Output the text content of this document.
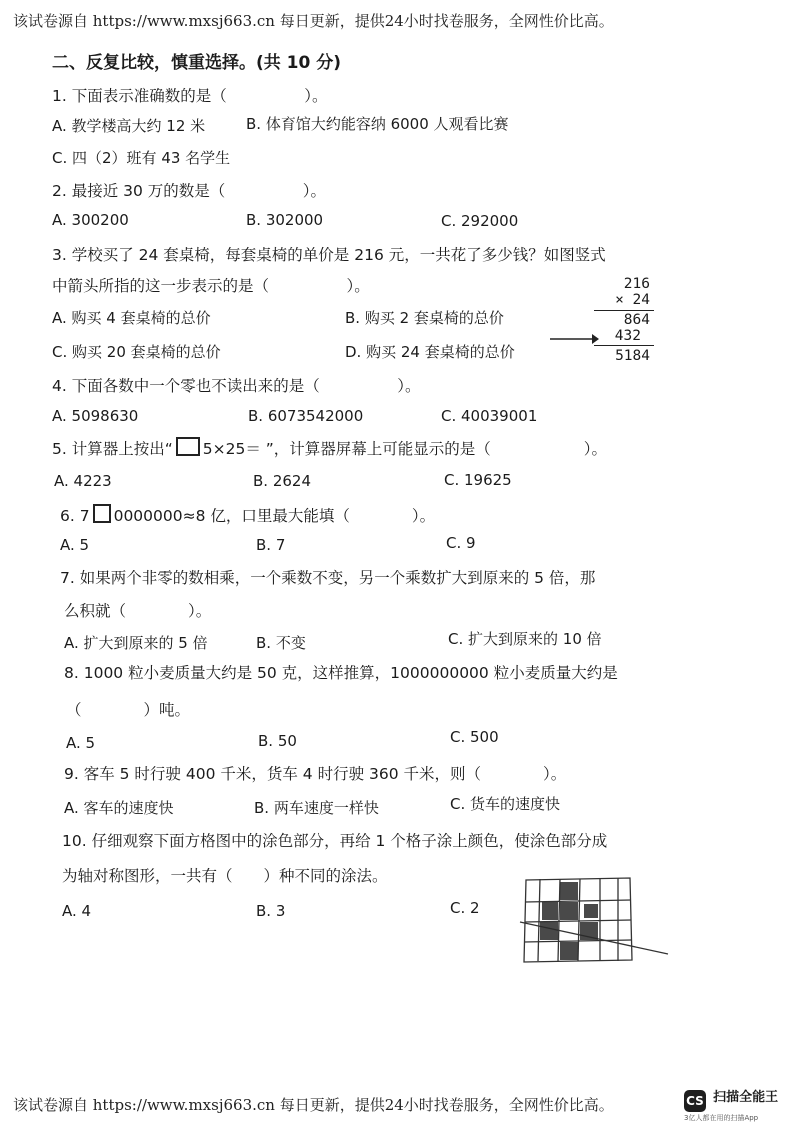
该试卷源自 https://www.mxsj663.cn 每日更新，提供24小时找卷服务，全网性价比高。
二、反复比较，慎重选择。(共 10 分)
1. 下面表示准确数的是（　　　　　）。
A. 教学楼高大约 12 米	B. 体育馆大约能容纳 6000 人观看比赛
C. 四（2）班有 43 名学生
2. 最接近 30 万的数是（　　　　　）。
A. 300200	B. 302000	C. 292000
3. 学校买了 24 套桌椅，每套桌椅的单价是 216 元，一共花了多少钱？如图竖式
中箭头所指的这一步表示的是（　　　　　）。
A. 购买 4 套桌椅的总价	B. 购买 2 套桌椅的总价
C. 购买 20 套桌椅的总价	D. 购买 24 套桌椅的总价
216
× 24
864
432
5184
4. 下面各数中一个零也不读出来的是（　　　　　）。
A. 5098630	B. 6073542000	C. 40039001
5. 计算器上按出“ 5×25＝ ”，计算器屏幕上可能显示的是（　　　　　　）。
A. 4223	B. 2624	C. 19625
6. 7 0000000≈8 亿，口里最大能填（　　　　）。
A. 5	B. 7	C. 9
7. 如果两个非零的数相乘，一个乘数不变，另一个乘数扩大到原来的 5 倍，那
么积就（　　　　）。
A. 扩大到原来的 5 倍	B. 不变	C. 扩大到原来的 10 倍
8. 1000 粒小麦质量大约是 50 克，这样推算，1000000000 粒小麦质量大约是
（　　　　）吨。
A. 5	B. 50	C. 500
9. 客车 5 时行驶 400 千米，货车 4 时行驶 360 千米，则（　　　　）。
A. 客车的速度快	B. 两车速度一样快	C. 货车的速度快
10. 仔细观察下面方格图中的涂色部分，再给 1 个格子涂上颜色，使涂色部分成
为轴对称图形，一共有（　　）种不同的涂法。
A. 4	B. 3	C. 2
该试卷源自 https://www.mxsj663.cn 每日更新，提供24小时找卷服务，全网性价比高。	CS $^{扫描全能王}$
3亿人都在用的扫描App
